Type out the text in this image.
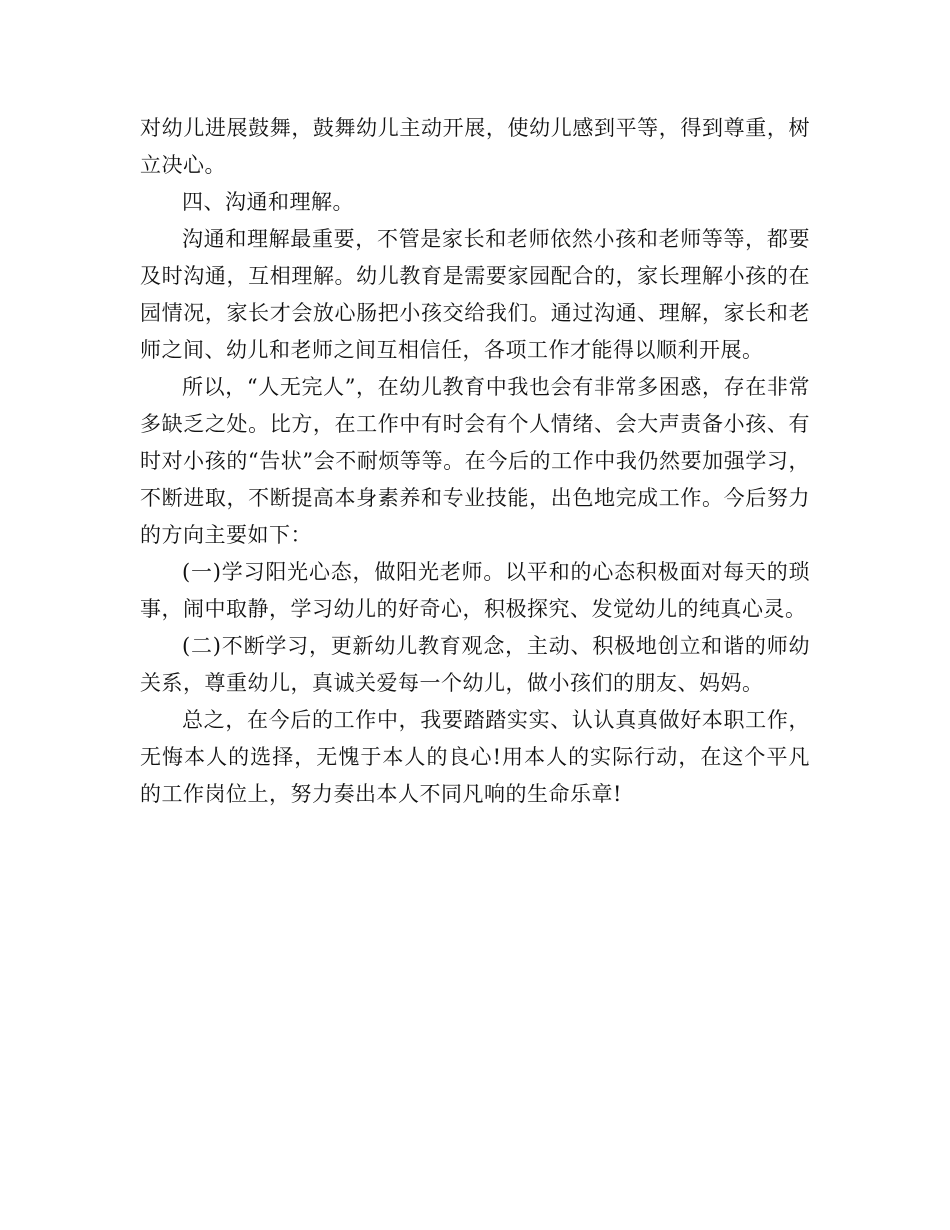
对幼儿进展鼓舞，鼓舞幼儿主动开展，使幼儿感到平等，得到尊重，树立决心。

四、沟通和理解。

沟通和理解最重要，不管是家长和老师依然小孩和老师等等，都要及时沟通，互相理解。幼儿教育是需要家园配合的，家长理解小孩的在园情况，家长才会放心肠把小孩交给我们。通过沟通、理解，家长和老师之间、幼儿和老师之间互相信任，各项工作才能得以顺利开展。

所以，“人无完人”，在幼儿教育中我也会有非常多困惑，存在非常多缺乏之处。比方，在工作中有时会有个人情绪、会大声责备小孩、有时对小孩的“告状”会不耐烦等等。在今后的工作中我仍然要加强学习，不断进取，不断提高本身素养和专业技能，出色地完成工作。今后努力的方向主要如下：

(一)学习阳光心态，做阳光老师。以平和的心态积极面对每天的琐事，闹中取静，学习幼儿的好奇心，积极探究、发觉幼儿的纯真心灵。

(二)不断学习，更新幼儿教育观念，主动、积极地创立和谐的师幼关系，尊重幼儿，真诚关爱每一个幼儿，做小孩们的朋友、妈妈。

总之，在今后的工作中，我要踏踏实实、认认真真做好本职工作，无悔本人的选择，无愧于本人的良心!用本人的实际行动，在这个平凡的工作岗位上，努力奏出本人不同凡响的生命乐章!
